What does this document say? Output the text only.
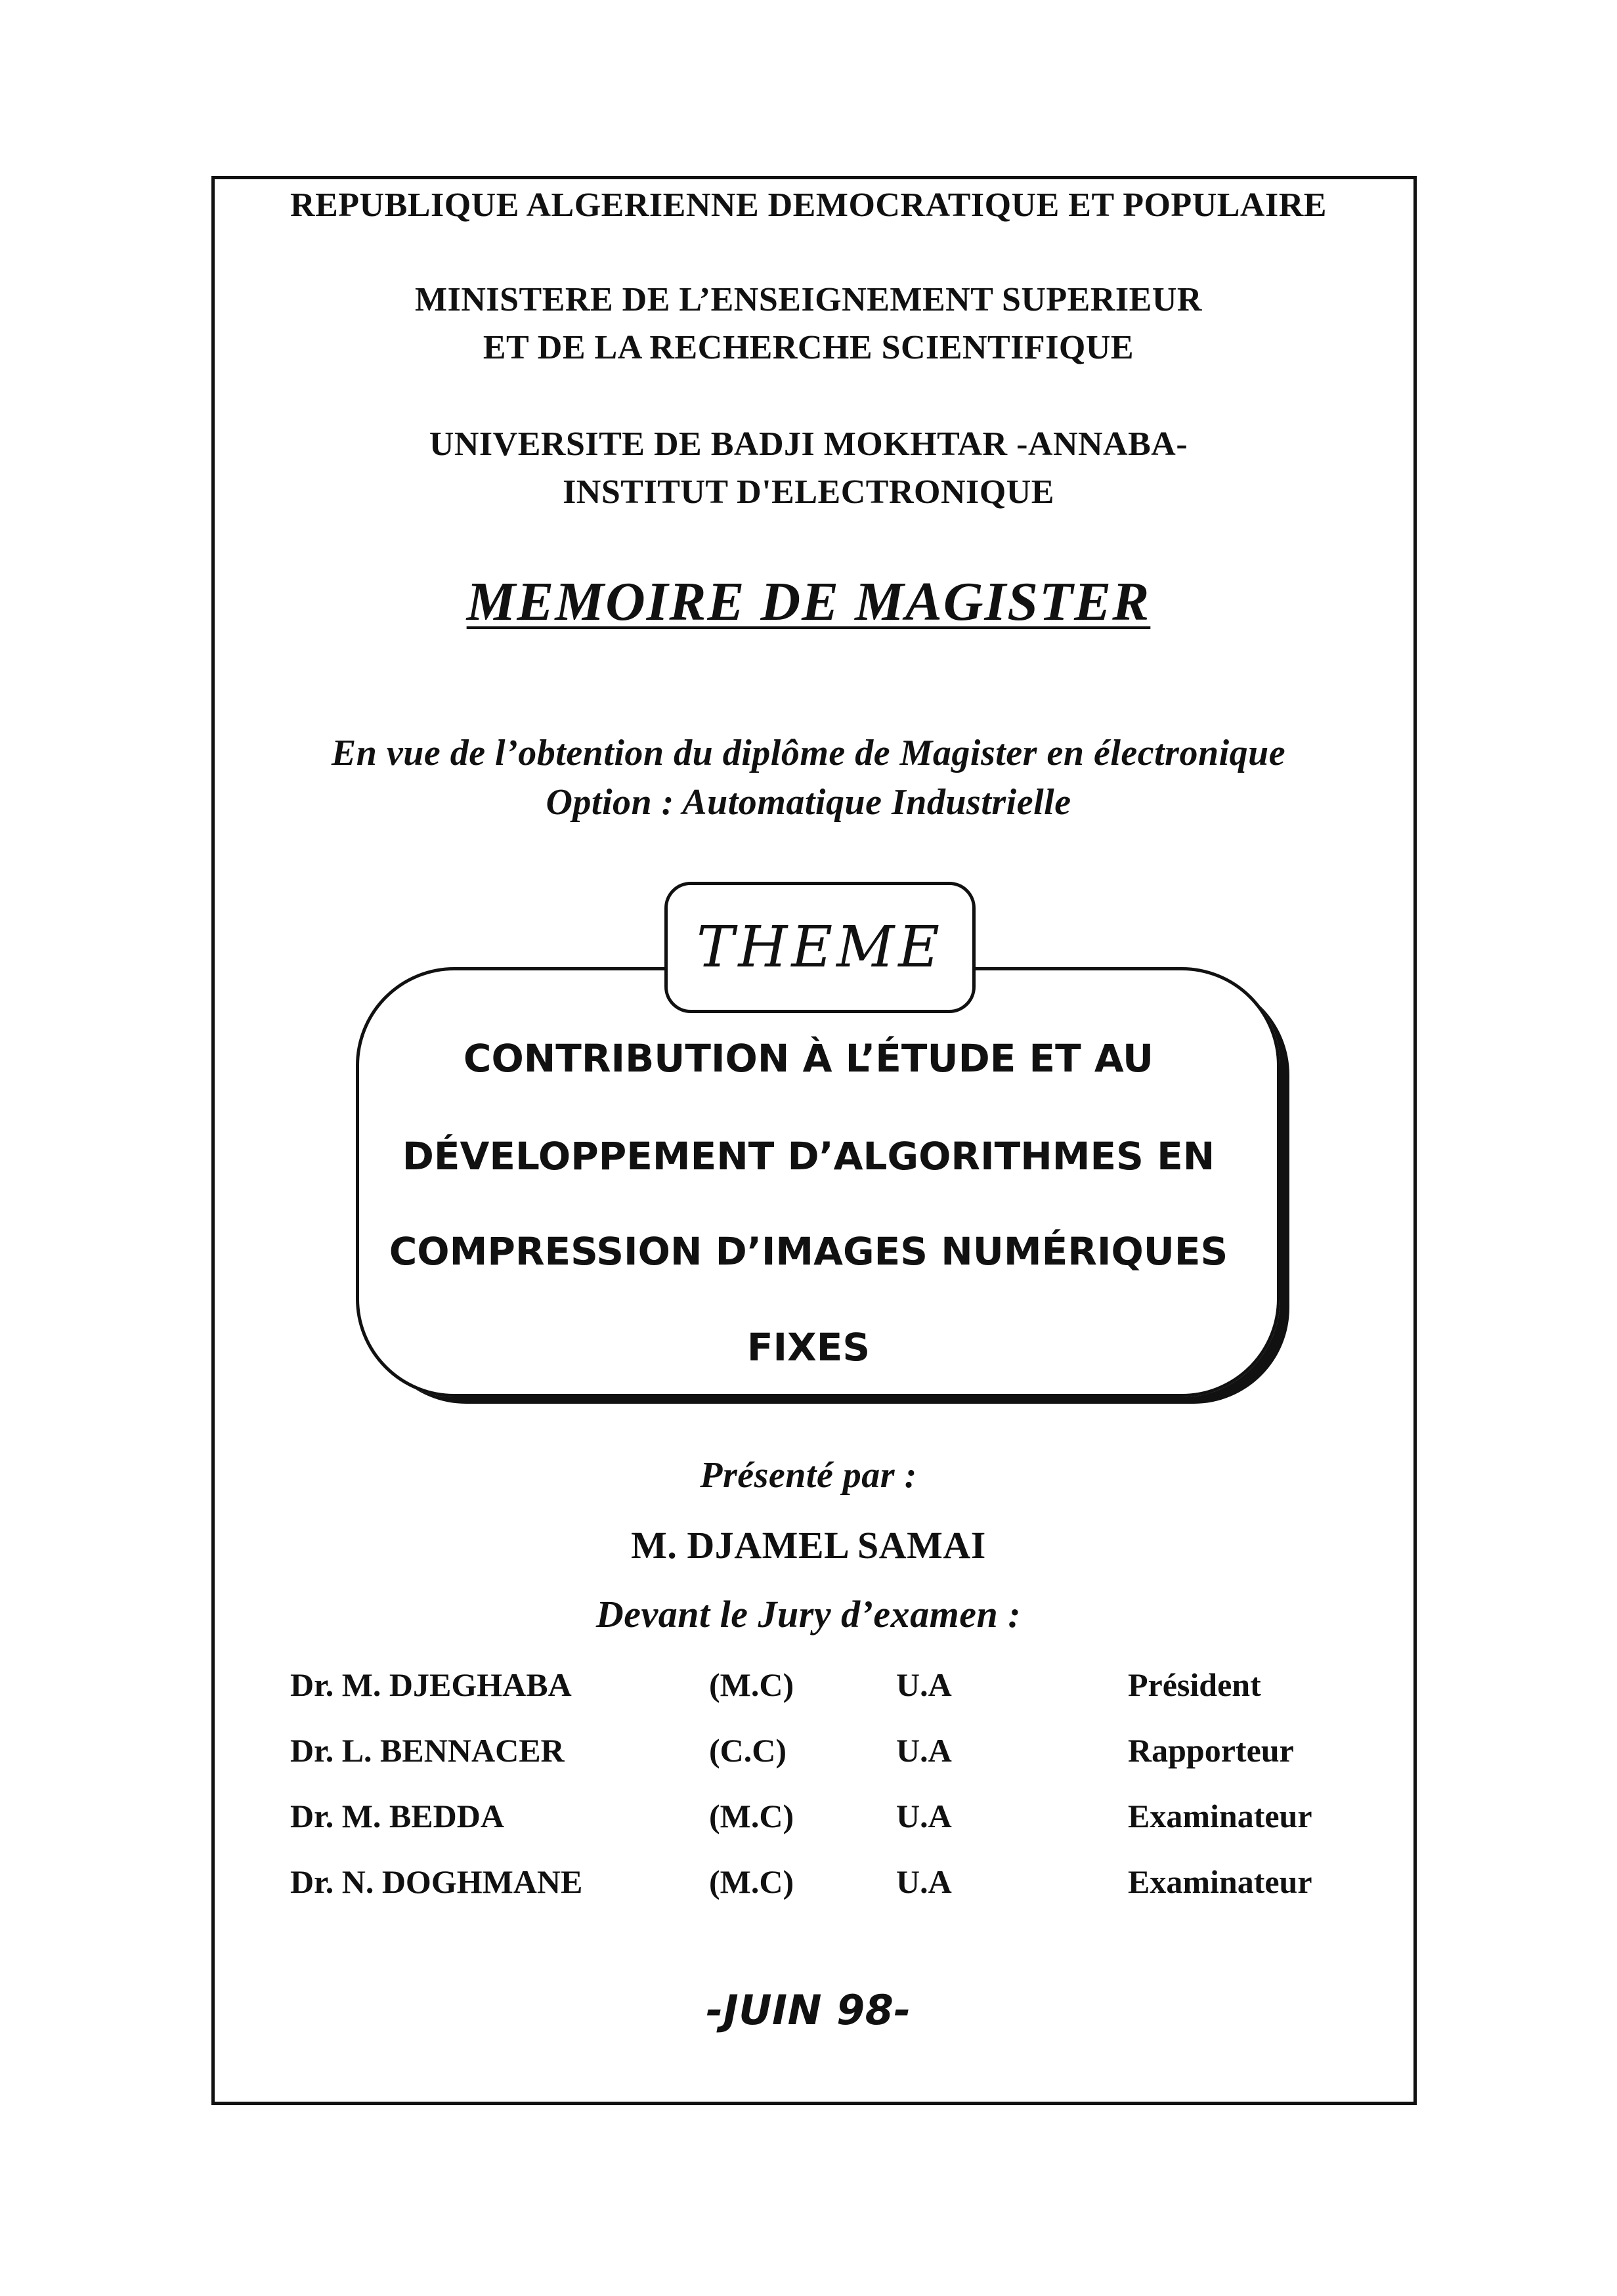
REPUBLIQUE ALGERIENNE DEMOCRATIQUE ET POPULAIRE
MINISTERE DE L’ENSEIGNEMENT SUPERIEUR
ET DE LA RECHERCHE SCIENTIFIQUE
UNIVERSITE DE BADJI MOKHTAR -ANNABA-
INSTITUT D'ELECTRONIQUE
MEMOIRE DE MAGISTER
En vue de l’obtention du diplôme de Magister en électronique
Option : Automatique Industrielle
THEME
CONTRIBUTION À L’ÉTUDE ET AU
DÉVELOPPEMENT D’ALGORITHMES EN
COMPRESSION D’IMAGES NUMÉRIQUES
FIXES
Présenté par :
M. DJAMEL SAMAI
Devant le Jury d’examen :
Dr. M. DJEGHABA	(M.C)	U.A	Président
Dr. L. BENNACER	(C.C)	U.A	Rapporteur
Dr. M. BEDDA	(M.C)	U.A	Examinateur
Dr. N. DOGHMANE	(M.C)	U.A	Examinateur
-JUIN 98-
